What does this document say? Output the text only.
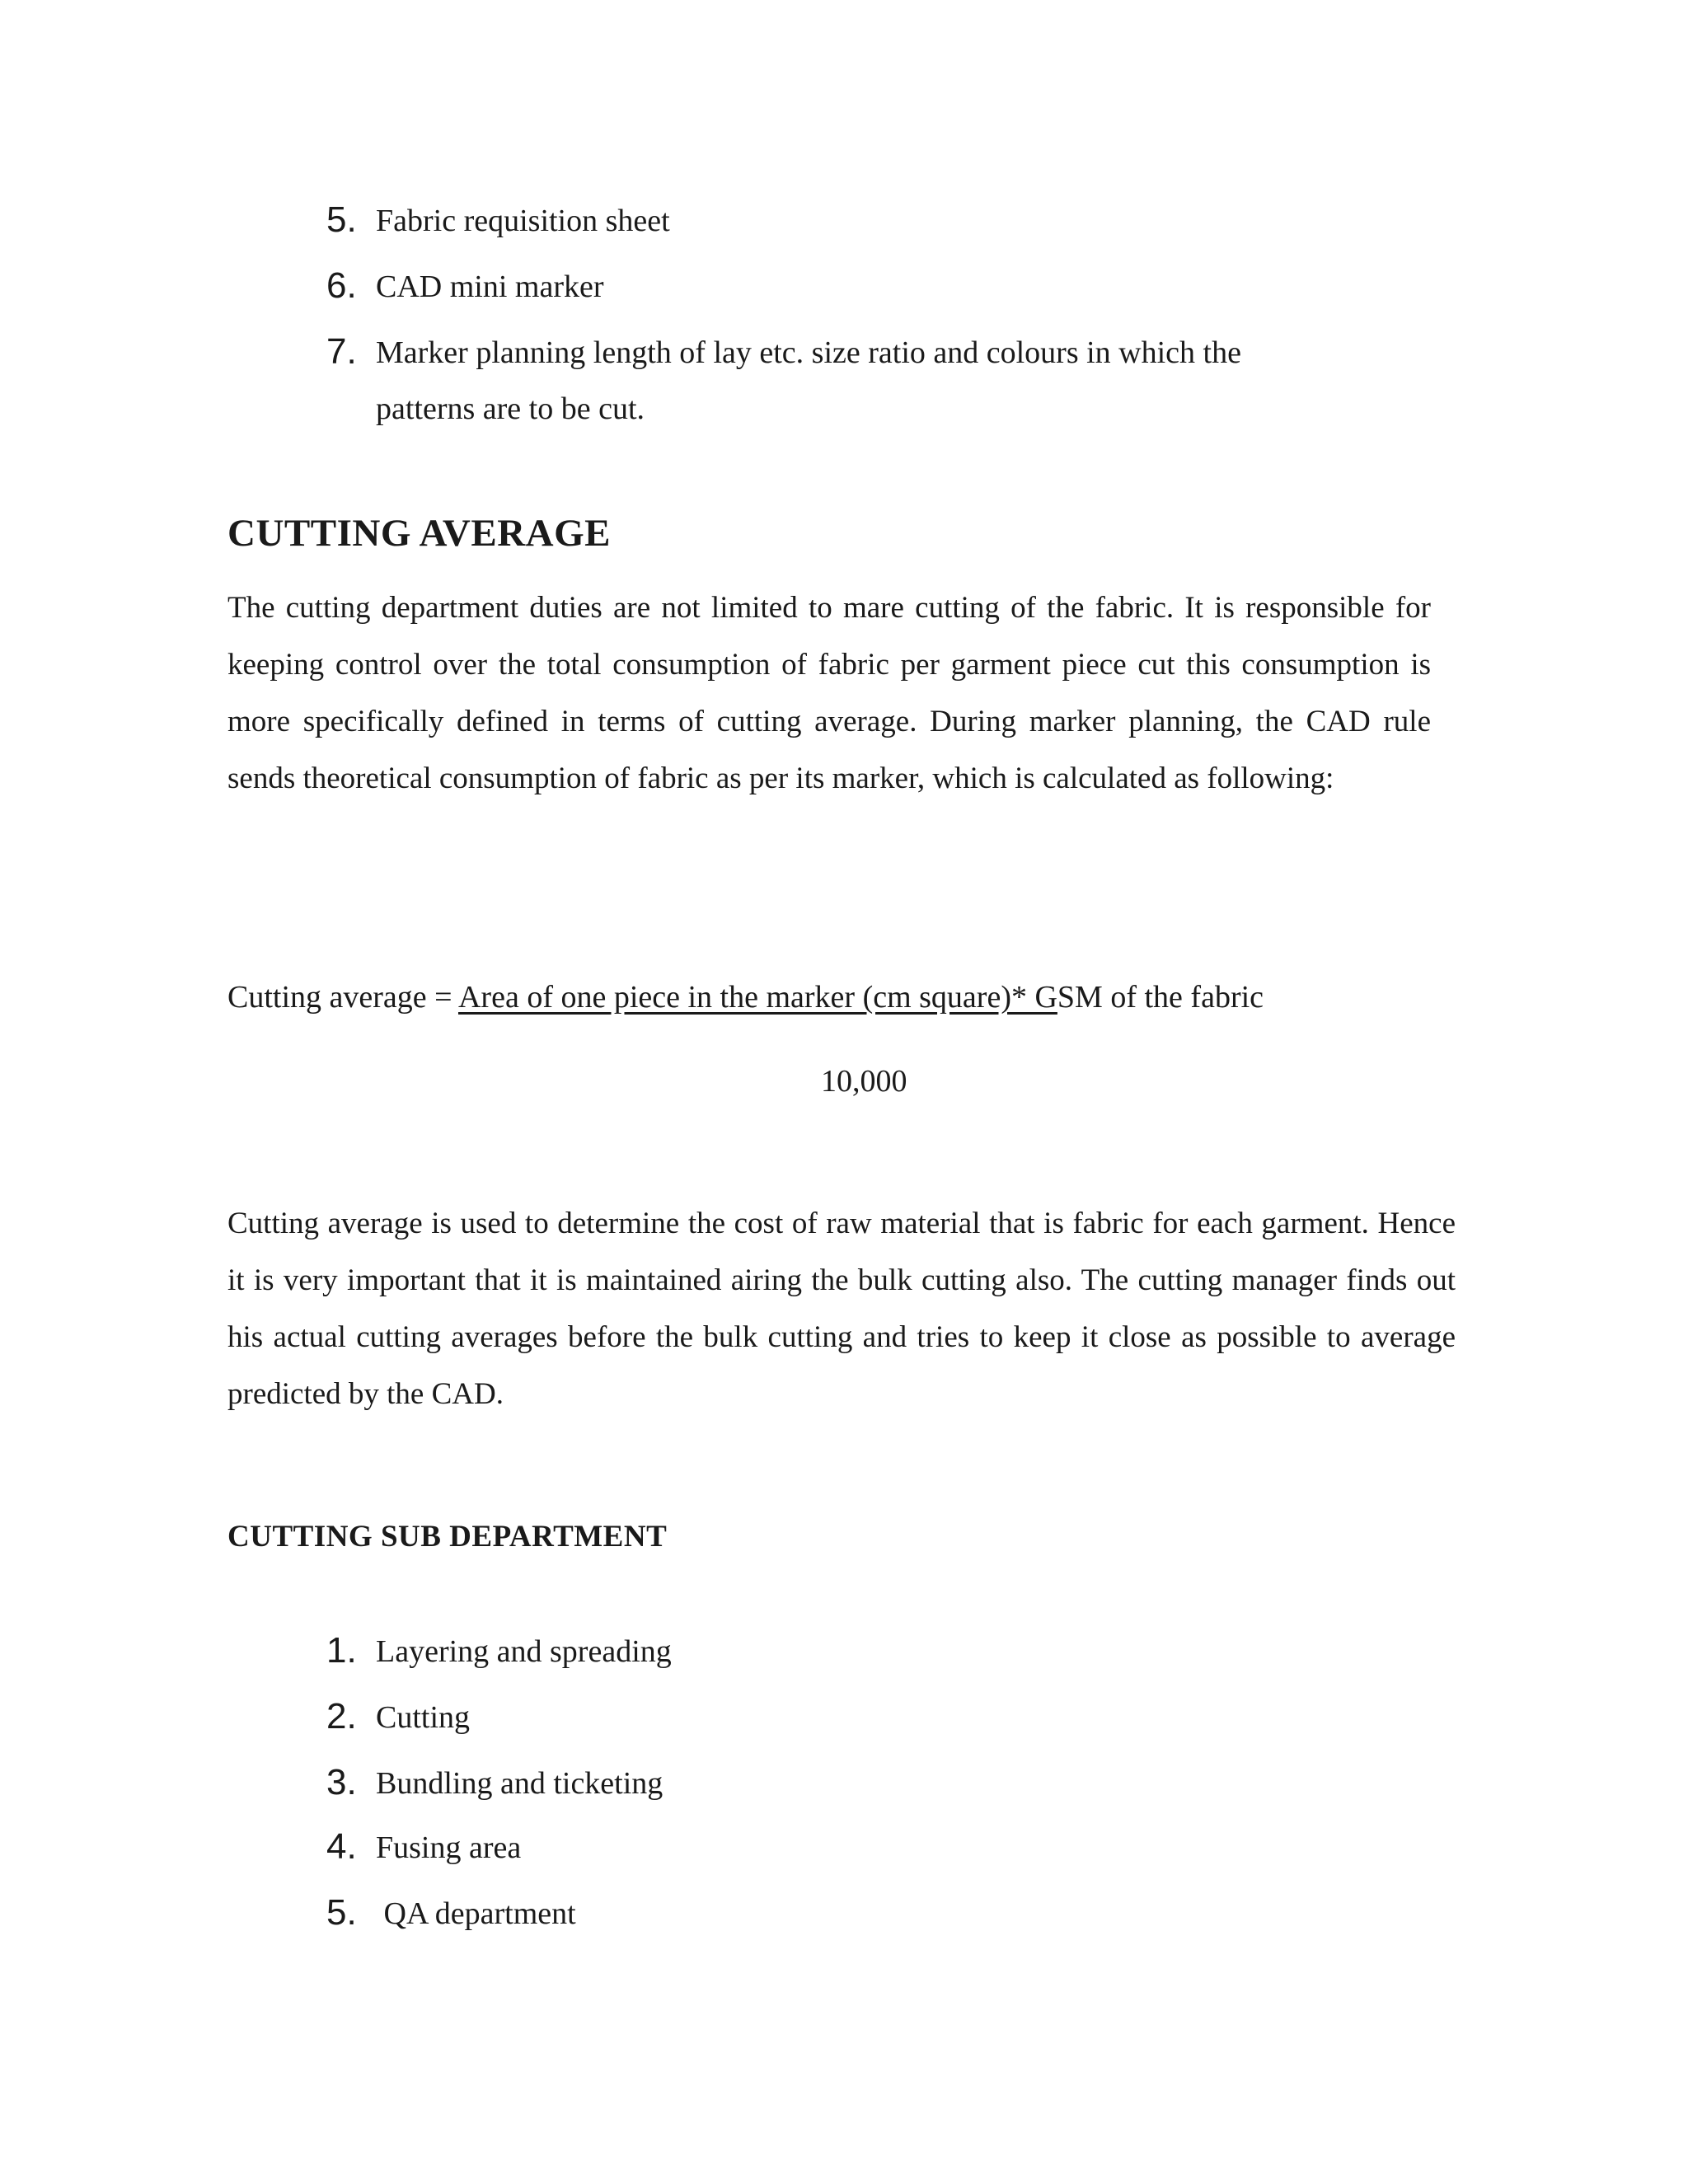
5. Fabric requisition sheet
6. CAD mini marker
7. Marker planning length of lay etc. size ratio and colours in which the
patterns are to be cut.
CUTTING AVERAGE
The cutting department duties are not limited to mare cutting of the fabric. It is responsible for keeping control over the total consumption of fabric per garment piece cut this consumption is more specifically defined in terms of cutting average. During marker planning, the CAD rule sends theoretical consumption of fabric as per its marker, which is calculated as following:
Cutting average = Area of one piece in the marker (cm square)* GSM of the fabric
10,000
Cutting average is used to determine the cost of raw material that is fabric for each garment. Hence it is very important that it is maintained airing the bulk cutting also. The cutting manager finds out his actual cutting averages before the bulk cutting and tries to keep it close as possible to average predicted by the CAD.
CUTTING SUB DEPARTMENT
1. Layering and spreading
2. Cutting
3. Bundling and ticketing
4. Fusing area
5. QA department
